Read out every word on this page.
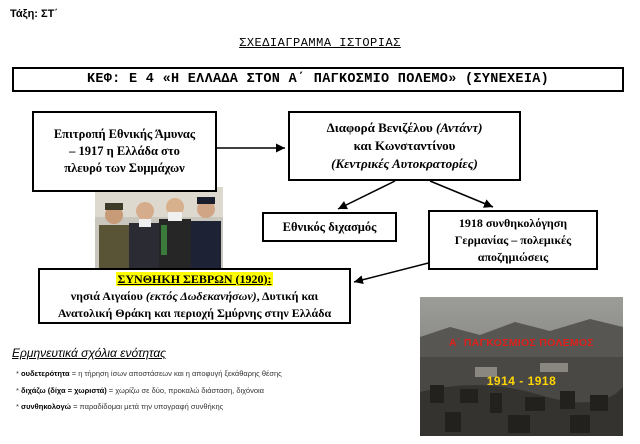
Τάξη: ΣΤ΄
ΣΧΕΔΙΑΓΡΑΜΜΑ ΙΣΤΟΡΙΑΣ
ΚΕΦ: Ε 4 «Η ΕΛΛΑΔΑ ΣΤΟΝ Α΄ ΠΑΓΚΟΣΜΙΟ ΠΟΛΕΜΟ» (ΣΥΝΕΧΕΙΑ)
Επιτροπή Εθνικής Άμυνας
– 1917 η Ελλάδα στο
πλευρό των Συμμάχων
Διαφορά Βενιζέλου (Αντάντ)
και Κωνσταντίνου
(Κεντρικές Αυτοκρατορίες)
Εθνικός διχασμός	1918 συνθηκολόγηση
Γερμανίας – πολεμικές
αποζημιώσεις
ΣΥΝΘΗΚΗ ΣΕΒΡΩΝ (1920):
νησιά Αιγαίου (εκτός Δωδεκανήσων), Δυτική και
Ανατολική Θράκη και περιοχή Σμύρνης στην Ελλάδα
Α΄ ΠΑΓΚΟΣΜΙΟΣ ΠΟΛΕΜΟΣ
1914 - 1918
Ερμηνευτικά σχόλια ενότητας
* ουδετερότητα = η τήρηση ίσων αποστάσεων και η αποφυγή ξεκάθαρης θέσης
* διχάζω (δίχα = χωριστά) = χωρίζω σε δύο, προκαλώ διάσταση, διχόνοια
* συνθηκολογώ = παραδίδομαι μετά την υπογραφή συνθήκης
